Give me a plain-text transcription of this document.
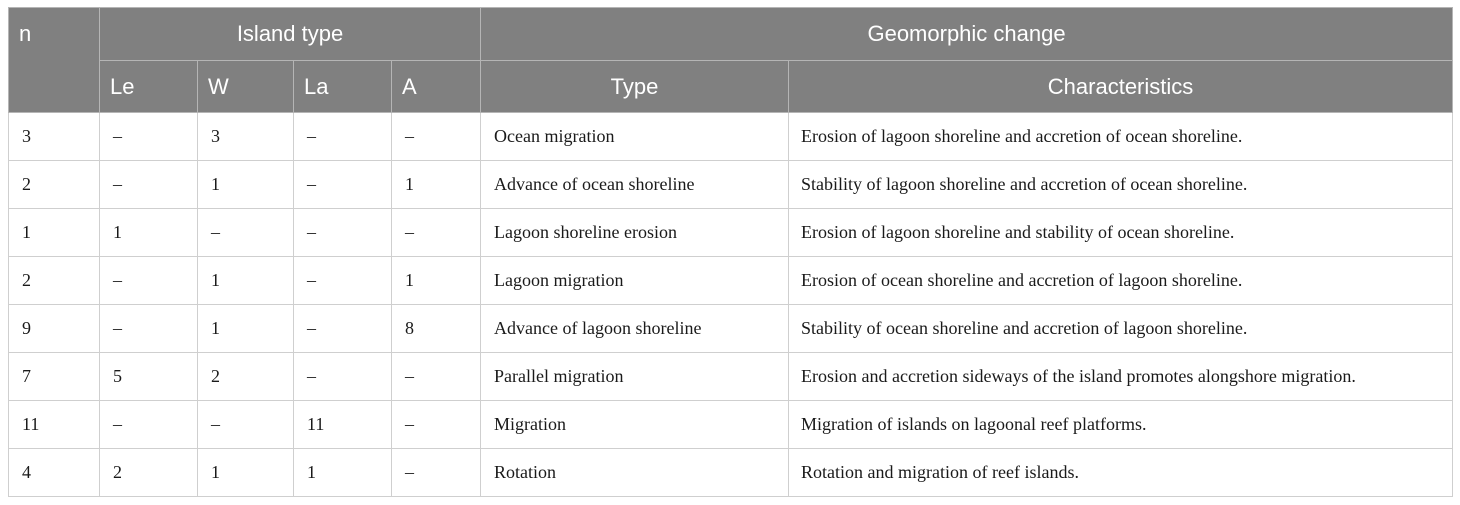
n	Island type				Geomorphic change	
	Le	W	La	A	Type	Characteristics
3	–	3	–	–	Ocean migration	Erosion of lagoon shoreline and accretion of ocean shoreline.
2	–	1	–	1	Advance of ocean shoreline	Stability of lagoon shoreline and accretion of ocean shoreline.
1	1	–	–	–	Lagoon shoreline erosion	Erosion of lagoon shoreline and stability of ocean shoreline.
2	–	1	–	1	Lagoon migration	Erosion of ocean shoreline and accretion of lagoon shoreline.
9	–	1	–	8	Advance of lagoon shoreline	Stability of ocean shoreline and accretion of lagoon shoreline.
7	5	2	–	–	Parallel migration	Erosion and accretion sideways of the island promotes alongshore migration.
11	–	–	11	–	Migration	Migration of islands on lagoonal reef platforms.
4	2	1	1	–	Rotation	Rotation and migration of reef islands.
